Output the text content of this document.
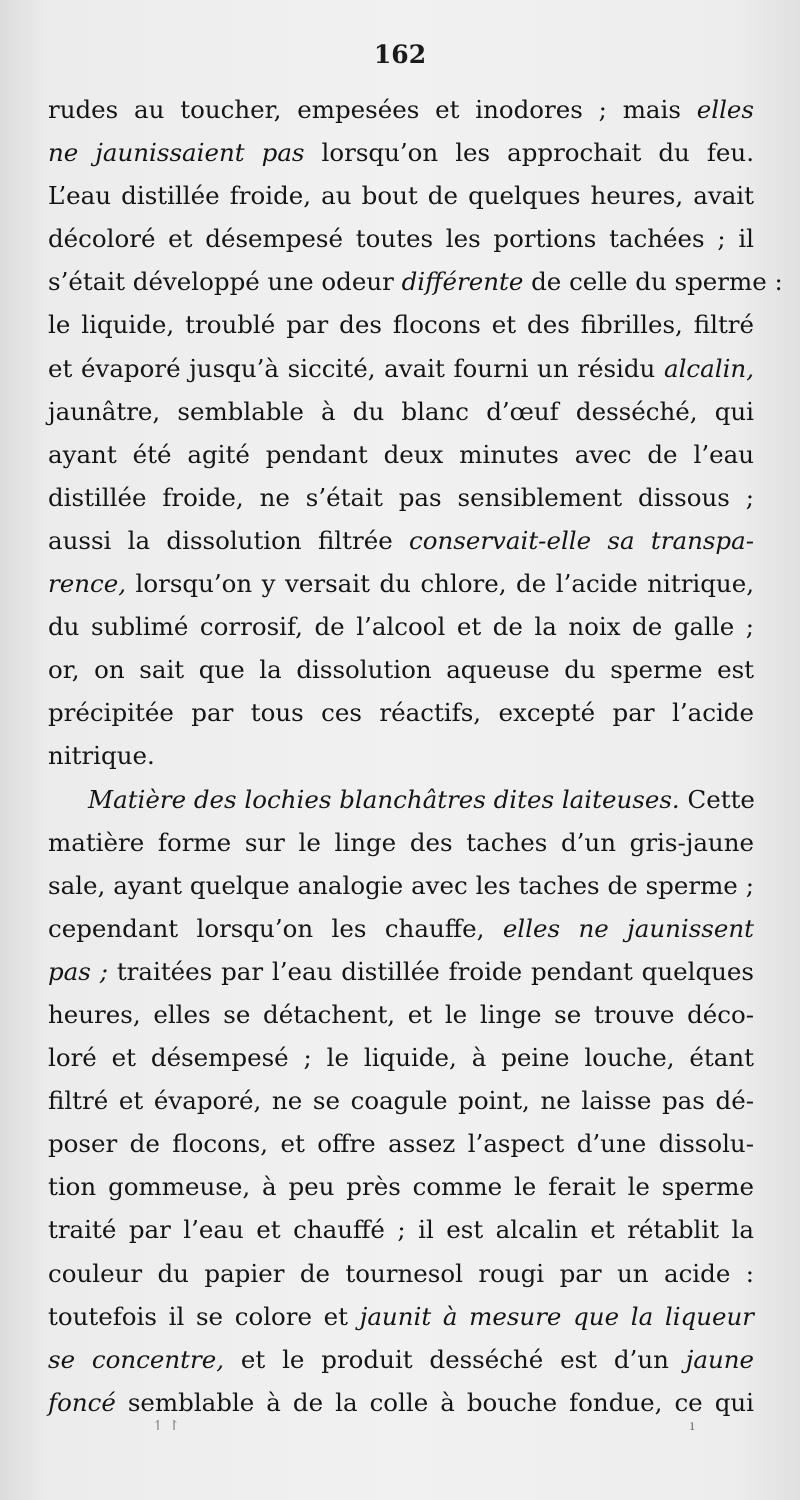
162
rudes au toucher, empesées et inodores ; mais elles
ne jaunissaient pas lorsqu’on les approchait du feu.
L’eau distillée froide, au bout de quelques heures, avait
décoloré et désempesé toutes les portions tachées ; il
s’était développé une odeur différente de celle du sperme :
le liquide, troublé par des flocons et des fibrilles, filtré
et évaporé jusqu’à siccité, avait fourni un résidu alcalin,
jaunâtre, semblable à du blanc d’œuf desséché, qui
ayant été agité pendant deux minutes avec de l’eau
distillée froide, ne s’était pas sensiblement dissous ;
aussi la dissolution filtrée conservait-elle sa transpa-
rence, lorsqu’on y versait du chlore, de l’acide nitrique,
du sublimé corrosif, de l’alcool et de la noix de galle ;
or, on sait que la dissolution aqueuse du sperme est
précipitée par tous ces réactifs, excepté par l’acide
nitrique.
Matière des lochies blanchâtres dites laiteuses. Cette
matière forme sur le linge des taches d’un gris-jaune
sale, ayant quelque analogie avec les taches de sperme ;
cependant lorsqu’on les chauffe, elles ne jaunissent
pas ; traitées par l’eau distillée froide pendant quelques
heures, elles se détachent, et le linge se trouve déco-
loré et désempesé ; le liquide, à peine louche, étant
filtré et évaporé, ne se coagule point, ne laisse pas dé-
poser de flocons, et offre assez l’aspect d’une dissolu-
tion gommeuse, à peu près comme le ferait le sperme
traité par l’eau et chauffé ; il est alcalin et rétablit la
couleur du papier de tournesol rougi par un acide :
toutefois il se colore et jaunit à mesure que la liqueur
se concentre, et le produit desséché est d’un jaune
foncé semblable à de la colle à bouche fondue, ce qui
↿ ↾	ı
